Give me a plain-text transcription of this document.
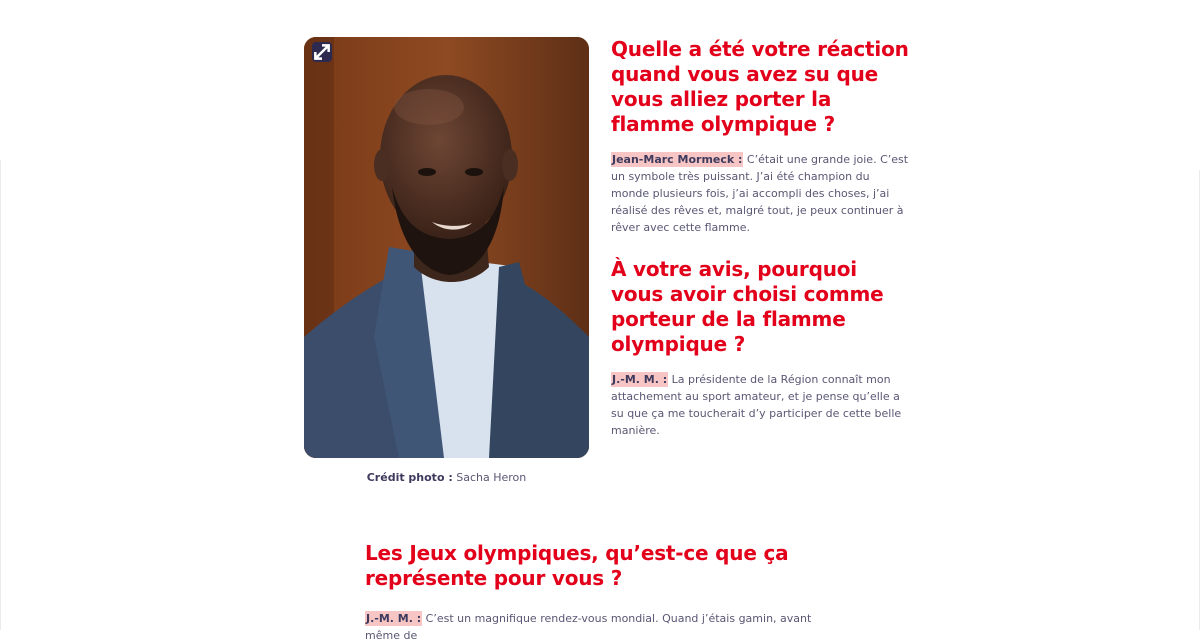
Crédit photo : Sacha Heron
Quelle a été votre réaction quand vous avez su que vous alliez porter la flamme olympique ?

Jean-Marc Mormeck : C’était une grande joie. C’est un symbole très puissant. J’ai été champion du monde plusieurs fois, j’ai accompli des choses, j’ai réalisé des rêves et, malgré tout, je peux continuer à rêver avec cette flamme.

À votre avis, pourquoi vous avoir choisi comme porteur de la flamme olympique ?

J.-M. M. : La présidente de la Région connaît mon attachement au sport amateur, et je pense qu’elle a su que ça me toucherait d’y participer de cette belle manière.

Les Jeux olympiques, qu’est-ce que ça représente pour vous ?

J.-M. M. : C’est un magnifique rendez-vous mondial. Quand j’étais gamin, avant même de
